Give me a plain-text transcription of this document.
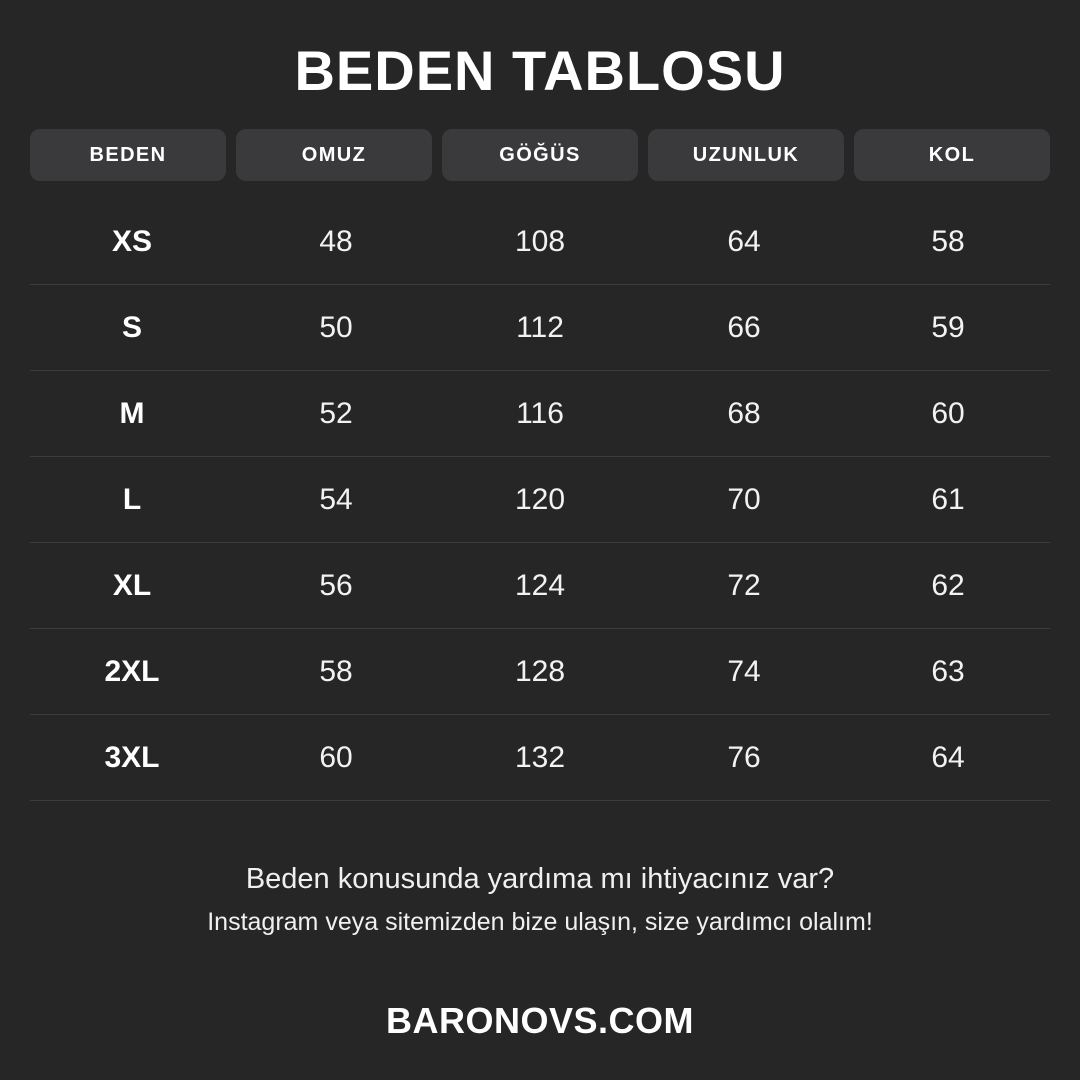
BEDEN TABLOSU
BEDEN	OMUZ	GÖĞÜS	UZUNLUK	KOL
XS	48	108	64	58
S	50	112	66	59
M	52	116	68	60
L	54	120	70	61
XL	56	124	72	62
2XL	58	128	74	63
3XL	60	132	76	64
Beden konusunda yardıma mı ihtiyacınız var?
Instagram veya sitemizden bize ulaşın, size yardımcı olalım!
BARONOVS.COM
